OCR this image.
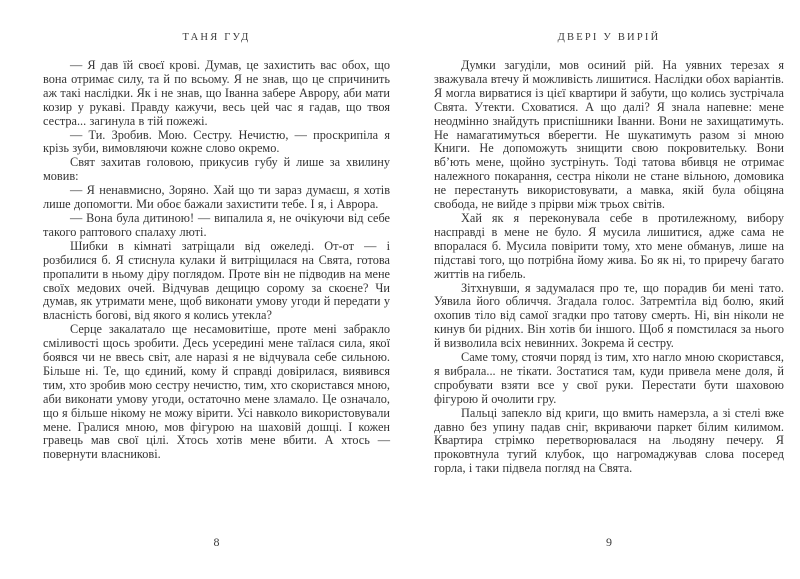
ТАНЯ ГУД

— Я дав їй своєї крові. Думав, це захистить вас обох, що вона отримає силу, та й по всьому. Я не знав, що це спричинить аж такі наслідки. Як і не знав, що Іванна забере Аврору, аби мати козир у рукаві. Правду кажучи, весь цей час я гадав, що твоя сестра... загинула в тій пожежі.

— Ти. Зробив. Мою. Сестру. Нечистю, — проскрипіла я крізь зуби, вимовляючи кожне слово окремо.

Свят захитав головою, прикусив губу й лише за хвилину мовив:

— Я ненавмисно, Зоряно. Хай що ти зараз думаєш, я хотів лише допомогти. Ми обоє бажали захистити тебе. І я, і Аврора.

— Вона була дитиною! — випалила я, не очікуючи від себе такого раптового спалаху люті.

Шибки в кімнаті затріщали від ожеледі. От-от — і розбилися б. Я стиснула кулаки й витріщилася на Свята, готова пропалити в ньому діру поглядом. Проте він не підводив на мене своїх медових очей. Відчував дещицю сорому за скоєне? Чи думав, як утримати мене, щоб виконати умову угоди й передати у власність богові, від якого я колись утекла?

Серце закалатало ще несамовитіше, проте мені забракло сміливості щось зробити. Десь усередині мене таїлася сила, якої боявся чи не ввесь світ, але наразі я не відчувала себе сильною. Більше ні. Те, що єдиний, кому й справді довірилася, виявився тим, хто зробив мою сестру нечистю, тим, хто скористався мною, аби виконати умову угоди, остаточно мене зламало. Це означало, що я більше нікому не можу вірити. Усі навколо використовували мене. Гралися мною, мов фігурою на шаховій дошці. І кожен гравець мав свої цілі. Хтось хотів мене вбити. А хтось — повернути власникові.

ДВЕРІ У ВИРІЙ

Думки загуділи, мов осиний рій. На уявних терезах я зважувала втечу й можливість лишитися. Наслідки обох варіантів. Я могла вирватися із цієї квартири й забути, що колись зустрічала Свята. Утекти. Сховатися. А що далі? Я знала напевне: мене неодмінно знайдуть приспішники Іванни. Вони не захищатимуть. Не намагатимуться вберегти. Не шукатимуть разом зі мною Книги. Не допоможуть знищити свою покровительку. Вони вб’ють мене, щойно зустрінуть. Тоді татова вбивця не отримає належного покарання, сестра ніколи не стане вільною, домовика не перестануть використовувати, а мавка, якій була обіцяна свобода, не вийде з прірви між трьох світів.

Хай як я переконувала себе в протилежному, вибору насправді в мене не було. Я мусила лишитися, адже сама не впоралася б. Мусила повірити тому, хто мене обманув, лише на підставі того, що потрібна йому жива. Бо як ні, то приречу багато життів на гибель.

Зітхнувши, я задумалася про те, що порадив би мені тато. Уявила його обличчя. Згадала голос. Затремтіла від болю, який охопив тіло від самої згадки про татову смерть. Ні, він ніколи не кинув би рідних. Він хотів би іншого. Щоб я помстилася за нього й визволила всіх невинних. Зокрема й сестру.

Саме тому, стоячи поряд із тим, хто нагло мною скористався, я вибрала... не тікати. Зостатися там, куди привела мене доля, й спробувати взяти все у свої руки. Перестати бути шаховою фігурою й очолити гру.

Пальці запекло від криги, що вмить намерзла, а зі стелі вже давно без упину падав сніг, вкриваючи паркет білим килимом. Квартира стрімко перетворювалася на льодяну печеру. Я проковтнула тугий клубок, що нагромаджував слова посеред горла, і таки підвела погляд на Свята.

8	9
